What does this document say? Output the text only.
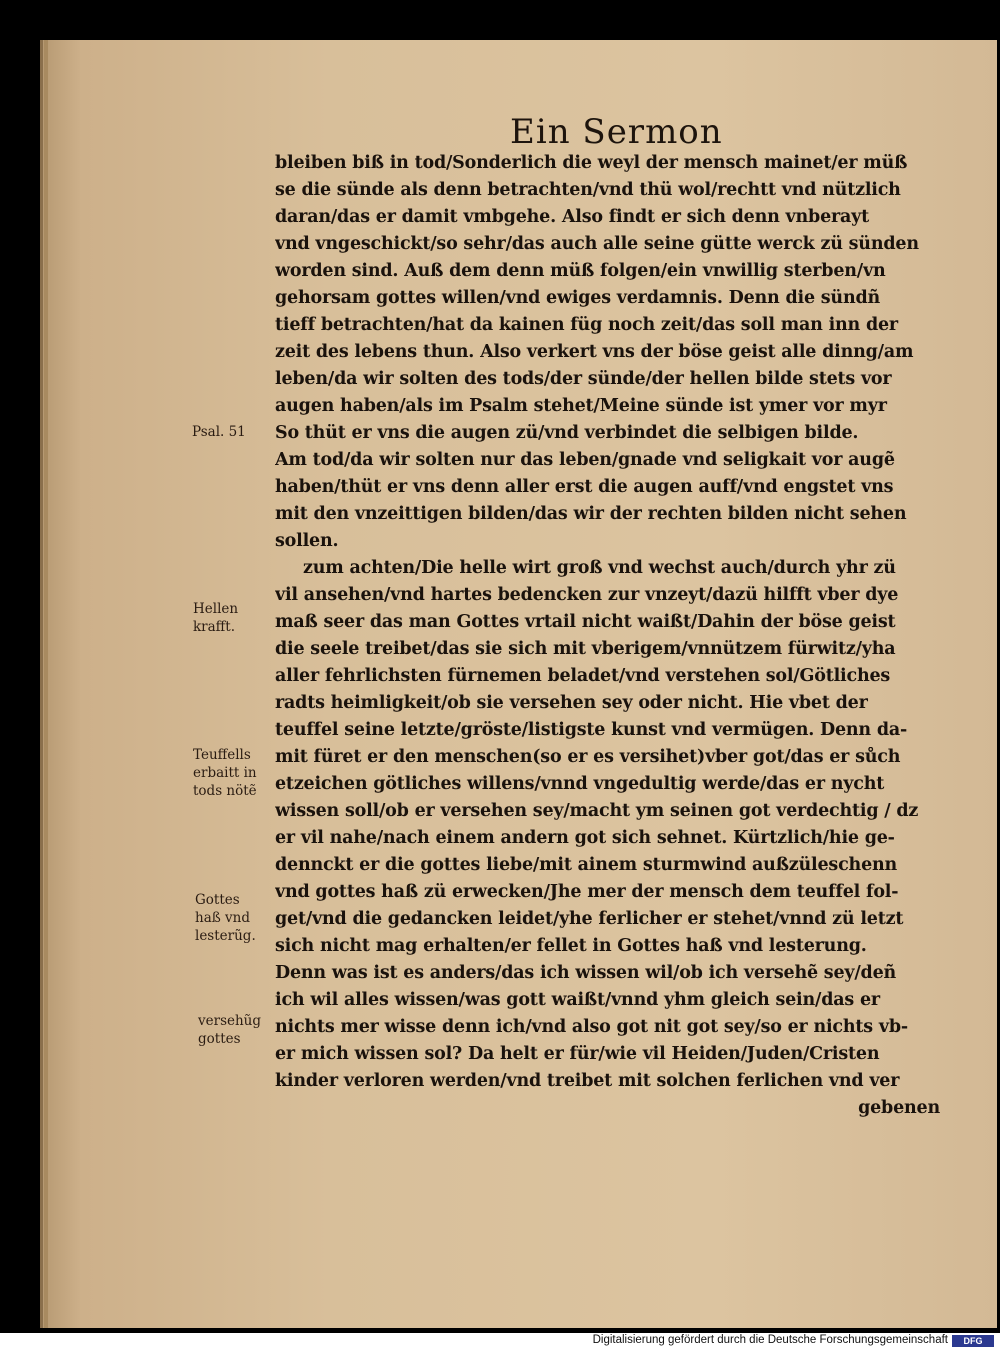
Ein Sermon
bleiben biß in tod/Sonderlich die weyl der mensch mainet/er müß
se die sünde als denn betrachten/vnd thü wol/rechtt vnd nützlich
daran/das er damit vmbgehe. Also findt er sich denn vnberayt
vnd vngeschickt/so sehr/das auch alle seine gütte werck zü sünden
worden sind. Auß dem denn müß folgen/ein vnwillig sterben/vn
gehorsam gottes willen/vnd ewiges verdamnis. Denn die sündñ
tieff betrachten/hat da kainen füg noch zeit/das soll man inn der
zeit des lebens thun. Also verkert vns der böse geist alle dinng/am
leben/da wir solten des tods/der sünde/der hellen bilde stets vor
augen haben/als im Psalm stehet/Meine sünde ist ymer vor myr
So thüt er vns die augen zü/vnd verbindet die selbigen bilde.
Am tod/da wir solten nur das leben/gnade vnd seligkait vor augẽ
haben/thüt er vns denn aller erst die augen auff/vnd engstet vns
mit den vnzeittigen bilden/das wir der rechten bilden nicht sehen
sollen.
zum achten/Die helle wirt groß vnd wechst auch/durch yhr zü
vil ansehen/vnd hartes bedencken zur vnzeyt/dazü hilfft vber dye
maß seer das man Gottes vrtail nicht waißt/Dahin der böse geist
die seele treibet/das sie sich mit vberigem/vnnützem fürwitz/yha
aller fehrlichsten fürnemen beladet/vnd verstehen sol/Götliches
radts heimligkeit/ob sie versehen sey oder nicht. Hie vbet der
teuffel seine letzte/gröste/listigste kunst vnd vermügen. Denn da-
mit füret er den menschen(so er es versihet)vber got/das er sůch
etzeichen götliches willens/vnnd vngedultig werde/das er nycht
wissen soll/ob er versehen sey/macht ym seinen got verdechtig / dz
er vil nahe/nach einem andern got sich sehnet. Kürtzlich/hie ge-
dennckt er die gottes liebe/mit ainem sturmwind außzüleschenn
vnd gottes haß zü erwecken/Jhe mer der mensch dem teuffel fol-
get/vnd die gedancken leidet/yhe ferlicher er stehet/vnnd zü letzt
sich nicht mag erhalten/er fellet in Gottes haß vnd lesterung.
Denn was ist es anders/das ich wissen wil/ob ich versehẽ sey/deñ
ich wil alles wissen/was gott waißt/vnnd yhm gleich sein/das er
nichts mer wisse denn ich/vnd also got nit got sey/so er nichts vb-
er mich wissen sol? Da helt er für/wie vil Heiden/Juden/Cristen
kinder verloren werden/vnd treibet mit solchen ferlichen vnd ver
gebenen
Psal. 51
Hellen
krafft.
Teuffells
erbaitt in
tods nötẽ
Gottes
haß vnd
lesterũg.
versehũg
gottes
Digitalisierung gefördert durch die Deutsche Forschungsgemeinschaft	DFG
